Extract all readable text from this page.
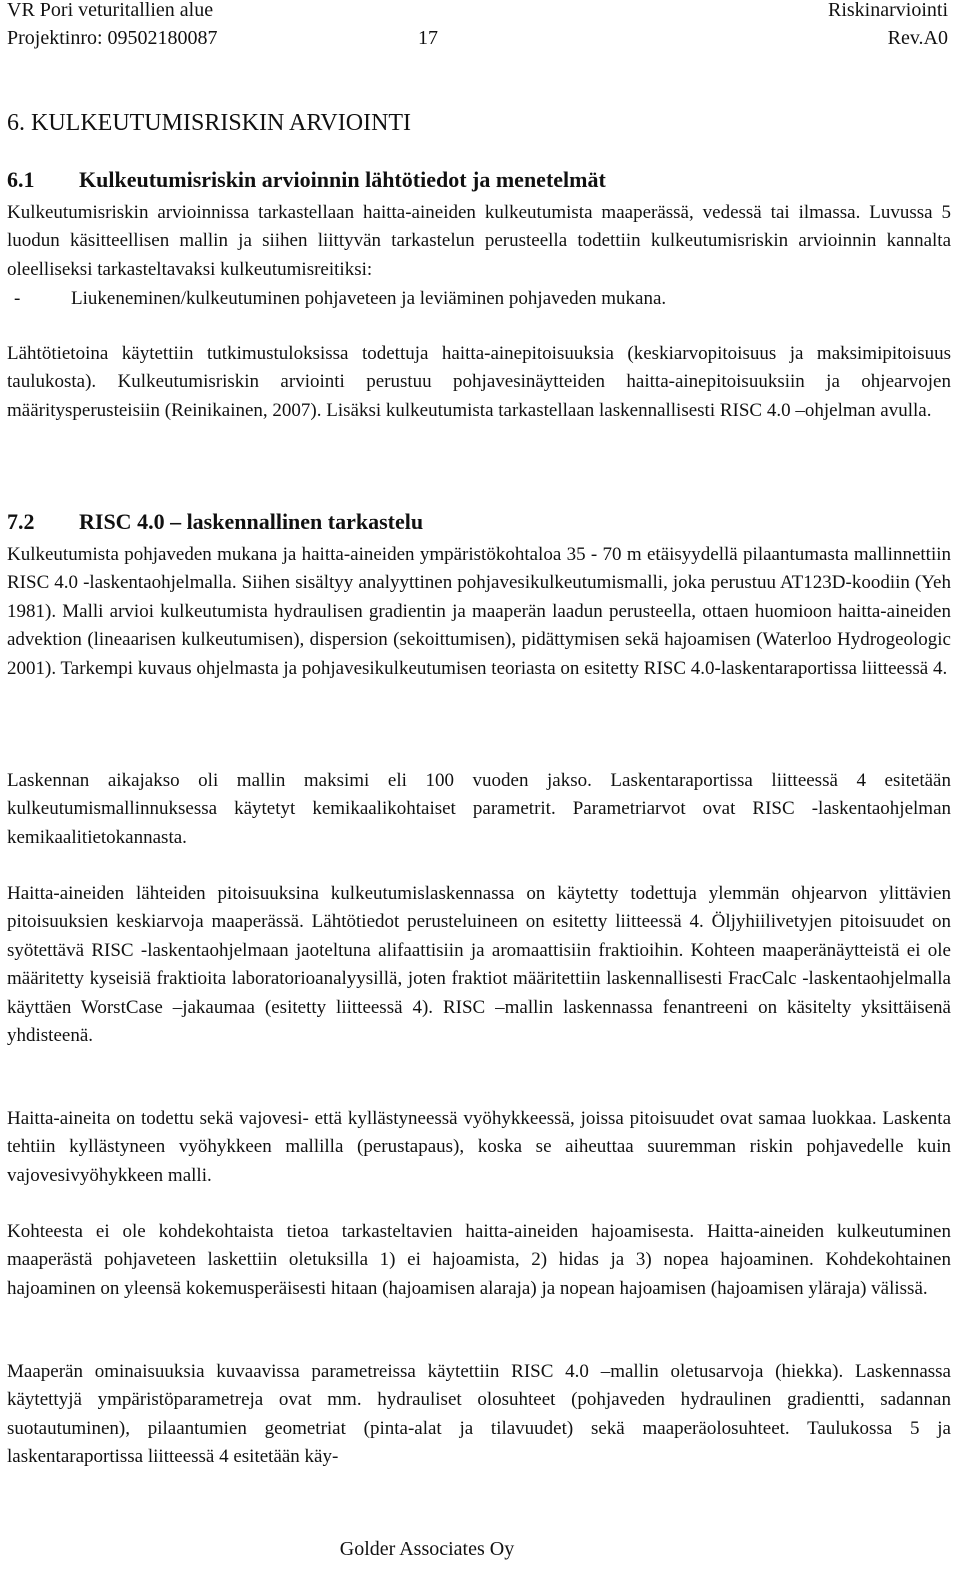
VR Pori veturitallien alue	Riskinarviointi
Projektinro: 09502180087	17	Rev.A0
6. KULKEUTUMISRISKIN ARVIOINTI
6.1 Kulkeutumisriskin arvioinnin lähtötiedot ja menetelmät

Kulkeutumisriskin arvioinnissa tarkastellaan haitta-aineiden kulkeutumista maaperässä, vedessä tai ilmassa. Luvussa 5 luodun käsitteellisen mallin ja siihen liittyvän tarkastelun perusteella todettiin kulkeutumisriskin arvioinnin kannalta oleelliseksi tarkasteltavaksi kulkeutumisreitiksi:

-	Liukeneminen/kulkeutuminen pohjaveteen ja leviäminen pohjaveden mukana.

Lähtötietoina käytettiin tutkimustuloksissa todettuja haitta-ainepitoisuuksia (keskiarvopitoisuus ja maksimipitoisuus taulukosta). Kulkeutumisriskin arviointi perustuu pohjavesinäytteiden haitta-ainepitoisuuksiin ja ohjearvojen määritysperusteisiin (Reinikainen, 2007). Lisäksi kulkeutumista tarkastellaan laskennallisesti RISC 4.0 –ohjelman avulla.

7.2 RISC 4.0 – laskennallinen tarkastelu

Kulkeutumista pohjaveden mukana ja haitta-aineiden ympäristökohtaloa 35 - 70 m etäisyydellä pilaantumasta mallinnettiin RISC 4.0 -laskentaohjelmalla. Siihen sisältyy analyyttinen pohjavesikulkeutumismalli, joka perustuu AT123D-koodiin (Yeh 1981). Malli arvioi kulkeutumista hydraulisen gradientin ja maaperän laadun perusteella, ottaen huomioon haitta-aineiden advektion (lineaarisen kulkeutumisen), dispersion (sekoittumisen), pidättymisen sekä hajoamisen (Waterloo Hydrogeologic 2001). Tarkempi kuvaus ohjelmasta ja pohjavesikulkeutumisen teoriasta on esitetty RISC 4.0-laskentaraportissa liitteessä 4.

Laskennan aikajakso oli mallin maksimi eli 100 vuoden jakso. Laskentaraportissa liitteessä 4 esitetään kulkeutumismallinnuksessa käytetyt kemikaalikohtaiset parametrit. Parametriarvot ovat RISC -laskentaohjelman kemikaalitietokannasta.

Haitta-aineiden lähteiden pitoisuuksina kulkeutumislaskennassa on käytetty todettuja ylemmän ohjearvon ylittävien pitoisuuksien keskiarvoja maaperässä. Lähtötiedot perusteluineen on esitetty liitteessä 4. Öljyhiilivetyjen pitoisuudet on syötettävä RISC -laskentaohjelmaan jaoteltuna alifaattisiin ja aromaattisiin fraktioihin. Kohteen maaperänäytteistä ei ole määritetty kyseisiä fraktioita laboratorioanalyysillä, joten fraktiot määritettiin laskennallisesti FracCalc -laskentaohjelmalla käyttäen WorstCase –jakaumaa (esitetty liitteessä 4). RISC –mallin laskennassa fenantreeni on käsitelty yksittäisenä yhdisteenä.

Haitta-aineita on todettu sekä vajovesi- että kyllästyneessä vyöhykkeessä, joissa pitoisuudet ovat samaa luokkaa. Laskenta tehtiin kyllästyneen vyöhykkeen mallilla (perustapaus), koska se aiheuttaa suuremman riskin pohjavedelle kuin vajovesivyöhykkeen malli.

Kohteesta ei ole kohdekohtaista tietoa tarkasteltavien haitta-aineiden hajoamisesta. Haitta-aineiden kulkeutuminen maaperästä pohjaveteen laskettiin oletuksilla 1) ei hajoamista, 2) hidas ja 3) nopea hajoaminen. Kohdekohtainen hajoaminen on yleensä kokemusperäisesti hitaan (hajoamisen alaraja) ja nopean hajoamisen (hajoamisen yläraja) välissä.

Maaperän ominaisuuksia kuvaavissa parametreissa käytettiin RISC 4.0 –mallin oletusarvoja (hiekka). Laskennassa käytettyjä ympäristöparametreja ovat mm. hydrauliset olosuhteet (pohjaveden hydraulinen gradientti, sadannan suotautuminen), pilaantumien geometriat (pinta-alat ja tilavuudet) sekä maaperäolosuhteet. Taulukossa 5 ja laskentaraportissa liitteessä 4 esitetään käy-

Golder Associates Oy
